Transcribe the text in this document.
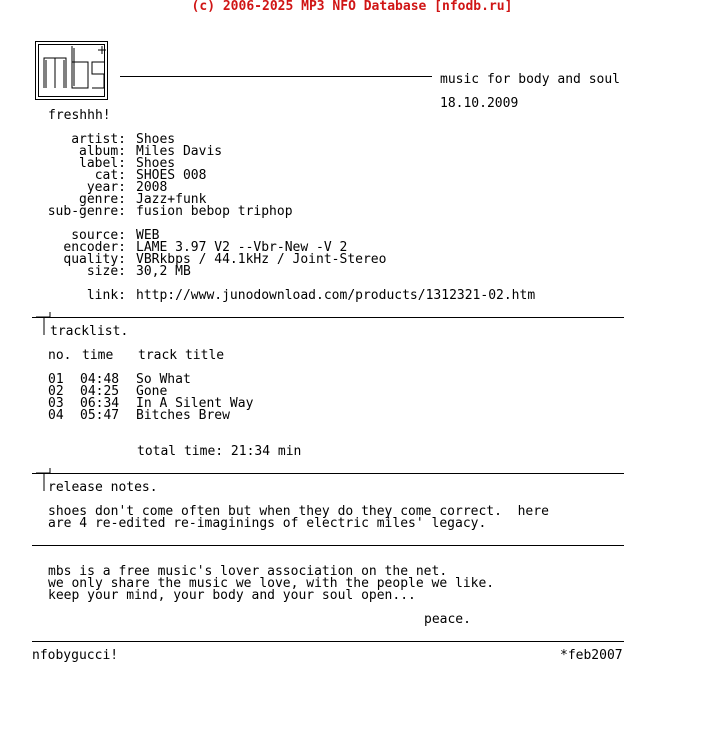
(c) 2006-2025 MP3 NFO Database [nfodb.ru]
music for body and soul
18.10.2009
freshhh!
artist: Shoes
album: Miles Davis
label: Shoes
cat: SHOES 008
year: 2008
genre: Jazz+funk
sub-genre: fusion bebop triphop
source: WEB
encoder: LAME 3.97 V2 --Vbr-New -V 2
quality: VBRkbps / 44.1kHz / Joint-Stereo
size: 30,2 MB
link: http://www.junodownload.com/products/1312321-02.htm
tracklist.
no. time track title
01 04:48 So What
02 04:25 Gone
03 06:34 In A Silent Way
04 05:47 Bitches Brew
total time: 21:34 min
release notes.
shoes don't come often but when they do they come correct.  here
are 4 re-edited re-imaginings of electric miles' legacy.
mbs is a free music's lover association on the net.
we only share the music we love, with the people we like.
keep your mind, your body and your soul open...
peace.
nfobygucci!	*feb2007
